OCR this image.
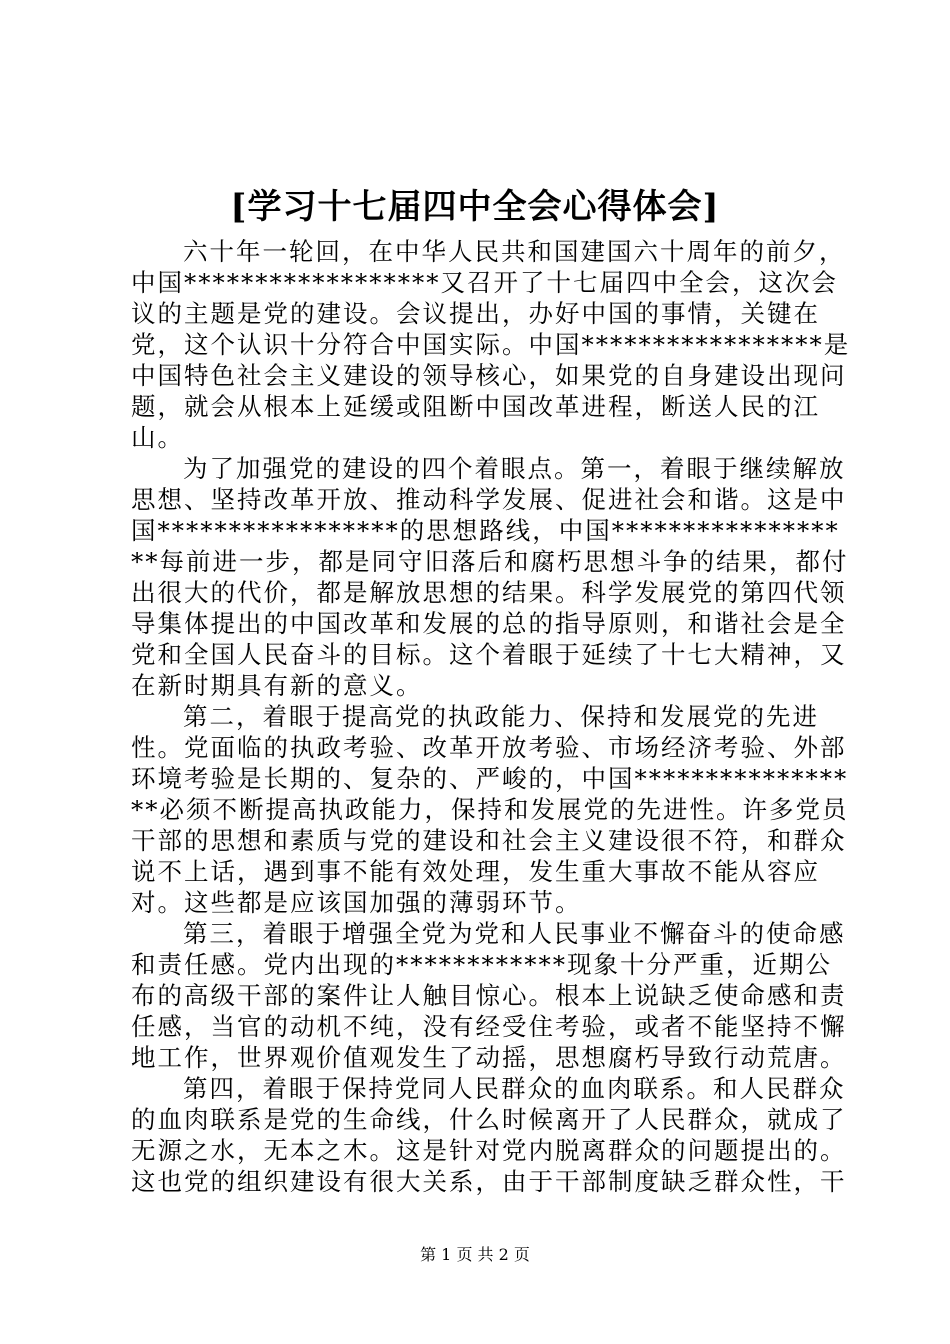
[学习十七届四中全会心得体会]

六十年一轮回，在中华人民共和国建国六十周年的前夕，中国******************又召开了十七届四中全会，这次会议的主题是党的建设。会议提出，办好中国的事情，关键在党，这个认识十分符合中国实际。中国*****************是中国特色社会主义建设的领导核心，如果党的自身建设出现问题，就会从根本上延缓或阻断中国改革进程，断送人民的江山。

为了加强党的建设的四个着眼点。第一，着眼于继续解放思想、坚持改革开放、推动科学发展、促进社会和谐。这是中国*****************的思想路线，中国******************每前进一步，都是同守旧落后和腐朽思想斗争的结果，都付出很大的代价，都是解放思想的结果。科学发展党的第四代领导集体提出的中国改革和发展的总的指导原则，和谐社会是全党和全国人民奋斗的目标。这个着眼于延续了十七大精神，又在新时期具有新的意义。

第二，着眼于提高党的执政能力、保持和发展党的先进性。党面临的执政考验、改革开放考验、市场经济考验、外部环境考验是长期的、复杂的、严峻的，中国*****************必须不断提高执政能力，保持和发展党的先进性。许多党员干部的思想和素质与党的建设和社会主义建设很不符，和群众说不上话，遇到事不能有效处理，发生重大事故不能从容应对。这些都是应该国加强的薄弱环节。

第三，着眼于增强全党为党和人民事业不懈奋斗的使命感和责任感。党内出现的************现象十分严重，近期公布的高级干部的案件让人触目惊心。根本上说缺乏使命感和责任感，当官的动机不纯，没有经受住考验，或者不能坚持不懈地工作，世界观价值观发生了动摇，思想腐朽导致行动荒唐。

第四，着眼于保持党同人民群众的血肉联系。和人民群众的血肉联系是党的生命线，什么时候离开了人民群众，就成了无源之水，无本之木。这是针对党内脱离群众的问题提出的。这也党的组织建设有很大关系，由于干部制度缺乏群众性，干

第 1 页 共 2 页
